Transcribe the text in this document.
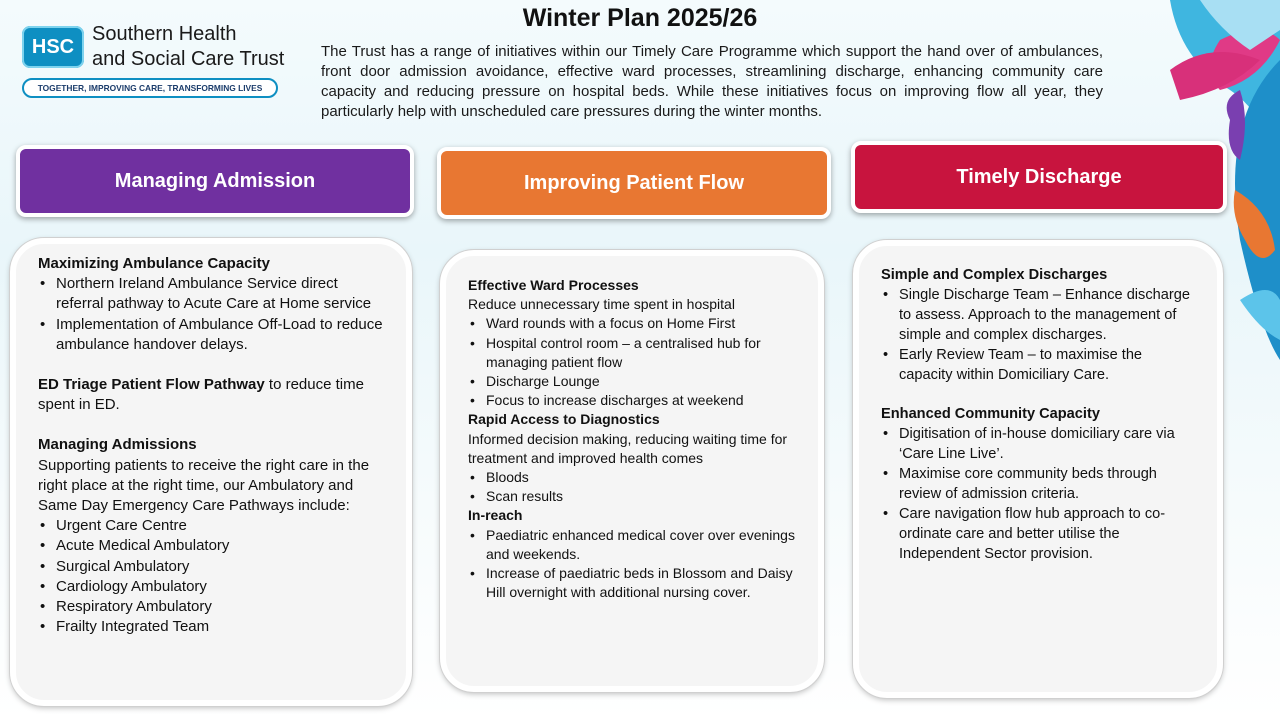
HSC
Southern Health
and Social Care Trust
TOGETHER, IMPROVING CARE, TRANSFORMING LIVES
Winter Plan 2025/26
The Trust has a range of initiatives within our Timely Care Programme which support the hand over of ambulances, front door admission avoidance, effective ward processes, streamlining discharge, enhancing community care capacity and reducing pressure on hospital beds. While these initiatives focus on improving flow all year, they particularly help with unscheduled care pressures during the winter months.
Managing Admission	Improving Patient Flow	Timely Discharge

Maximizing Ambulance Capacity

• Northern Ireland Ambulance Service direct referral pathway to Acute Care at Home service
• Implementation of Ambulance Off-Load to reduce ambulance handover delays.

ED Triage Patient Flow Pathway to reduce time spent in ED.

Managing Admissions

Supporting patients to receive the right care in the right place at the right time, our Ambulatory and Same Day Emergency Care Pathways include:

• Urgent Care Centre
• Acute Medical Ambulatory
• Surgical Ambulatory
• Cardiology Ambulatory
• Respiratory Ambulatory
• Frailty Integrated Team

Effective Ward Processes

Reduce unnecessary time spent in hospital

• Ward rounds with a focus on Home First
• Hospital control room – a centralised hub for managing patient flow
• Discharge Lounge
• Focus to increase discharges at weekend

Rapid Access to Diagnostics

Informed decision making, reducing waiting time for treatment and improved health comes

• Bloods
• Scan results

In-reach

• Paediatric enhanced medical cover over evenings and weekends.
• Increase of paediatric beds in Blossom and Daisy Hill overnight with additional nursing cover.

Simple and Complex Discharges

• Single Discharge Team – Enhance discharge to assess. Approach to the management of simple and complex discharges.
• Early Review Team – to maximise the capacity within Domiciliary Care.

Enhanced Community Capacity

• Digitisation of in-house domiciliary care via ‘Care Line Live’.
• Maximise core community beds through review of admission criteria.
• Care navigation flow hub approach to co-ordinate care and better utilise the Independent Sector provision.
